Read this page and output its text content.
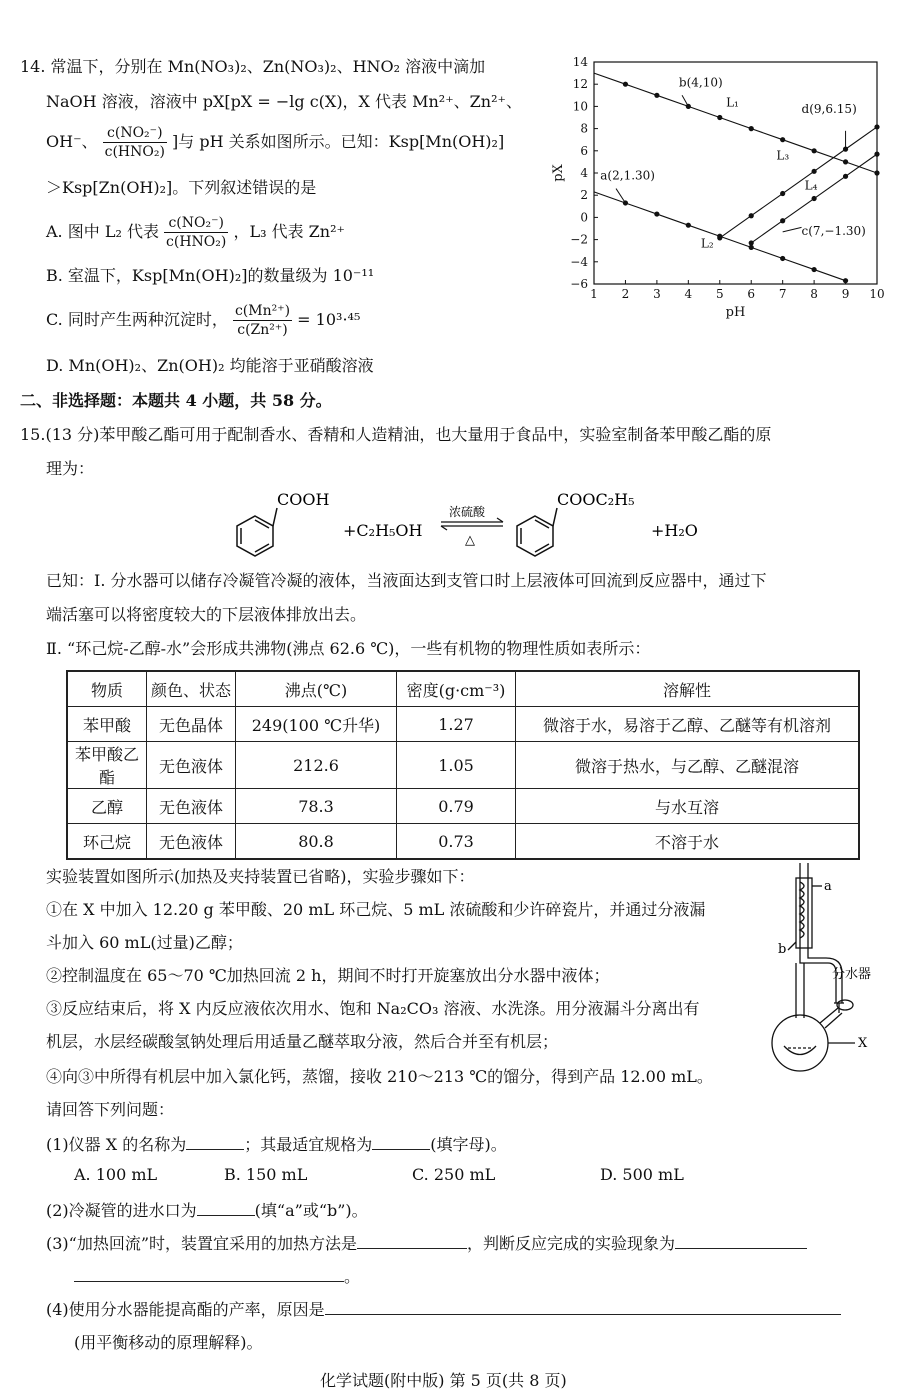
14. 常温下，分别在 Mn(NO₃)₂、Zn(NO₃)₂、HNO₂ 溶液中滴加
NaOH 溶液，溶液中 pX[pX = −lg c(X)，X 代表 Mn²⁺、Zn²⁺、
OH⁻、 $\frac{\text{c(NO₂⁻)}}{\text{c(HNO₂)}}$ ]与 pH 关系如图所示。已知：Ksp[Mn(OH)₂]
＞Ksp[Zn(OH)₂]。下列叙述错误的是
A. 图中 L₂ 代表 $\frac{\text{c(NO₂⁻)}}{\text{c(HNO₂)}}$ ，L₃ 代表 Zn²⁺
B. 室温下，Ksp[Mn(OH)₂]的数量级为 10⁻¹¹
C. 同时产生两种沉淀时， $\frac{\text{c(Mn²⁺)}}{\text{c(Zn²⁺)}} = 10^3\cdot^{45}$
D. Mn(OH)₂、Zn(OH)₂ 均能溶于亚硝酸溶液
1 2 3 4 5 6 7 8 9 10
14
12
10
8
6
4
2
0
−2
−4
−6
pH
pX
L₁
L₂
L₃
L₄
b(4,10)
d(9,6.15)
a(2,1.30)
c(7,−1.30)
二、非选择题：本题共 4 小题，共 58 分。
15.(13 分)苯甲酸乙酯可用于配制香水、香精和人造精油，也大量用于食品中，实验室制备苯甲酸乙酯的原
理为：
COOH
+C₂H₅OH
浓硫酸
△
COOC₂H₅
+H₂O
已知：Ⅰ. 分水器可以储存冷凝管冷凝的液体，当液面达到支管口时上层液体可回流到反应器中，通过下
端活塞可以将密度较大的下层液体排放出去。
Ⅱ. “环己烷-乙醇-水”会形成共沸物(沸点 62.6 ℃)，一些有机物的物理性质如表所示：
物质	颜色、状态	沸点(℃)	密度(g·cm⁻³)	溶解性
苯甲酸	无色晶体	249(100 ℃升华)	1.27	微溶于水，易溶于乙醇、乙醚等有机溶剂
苯甲酸乙酯	无色液体	212.6	1.05	微溶于热水，与乙醇、乙醚混溶
乙醇	无色液体	78.3	0.79	与水互溶
环己烷	无色液体	80.8	0.73	不溶于水
实验装置如图所示(加热及夹持装置已省略)，实验步骤如下：
①在 X 中加入 12.20 g 苯甲酸、20 mL 环己烷、5 mL 浓硫酸和少许碎瓷片，并通过分液漏
斗加入 60 mL(过量)乙醇；
②控制温度在 65～70 ℃加热回流 2 h，期间不时打开旋塞放出分水器中液体；
③反应结束后，将 X 内反应液依次用水、饱和 Na₂CO₃ 溶液、水洗涤。用分液漏斗分离出有
机层，水层经碳酸氢钠处理后用适量乙醚萃取分液，然后合并至有机层；
④向③中所得有机层中加入氯化钙，蒸馏，接收 210～213 ℃的馏分，得到产品 12.00 mL。
请回答下列问题：
a
b
分水器
X
(1)仪器 X 的名称为	；其最适宜规格为	(填字母)。
A. 100 mL	B. 150 mL	C. 250 mL	D. 500 mL
(2)冷凝管的进水口为	(填“a”或“b”)。
(3)“加热回流”时，装置宜采用的加热方法是	，判断反应完成的实验现象为
。
(4)使用分水器能提高酯的产率，原因是
(用平衡移动的原理解释)。
化学试题(附中版) 第 5 页(共 8 页)
